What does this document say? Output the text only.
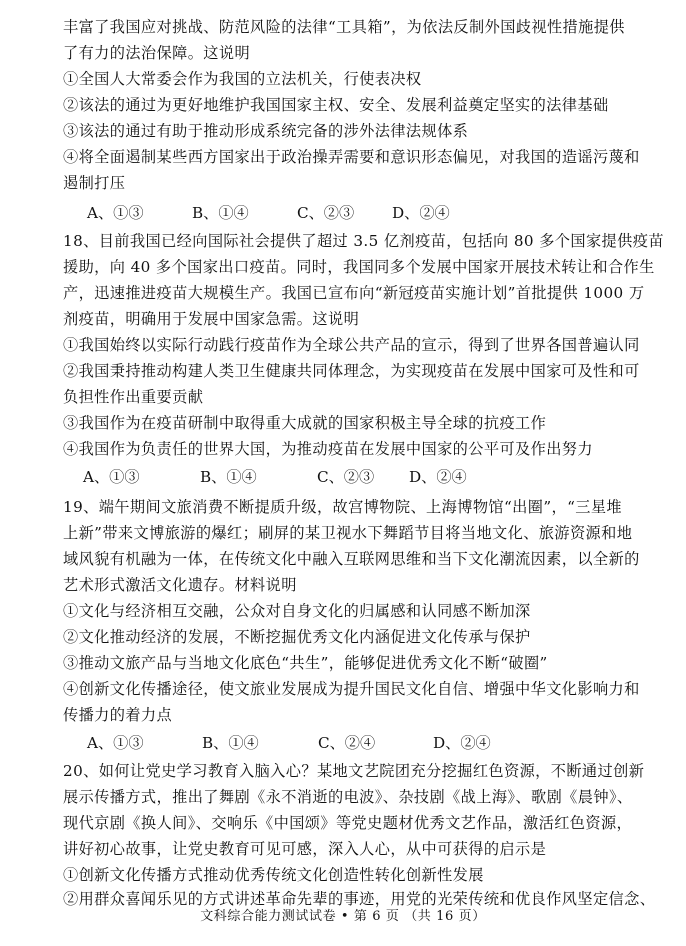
丰富了我国应对挑战、防范风险的法律“工具箱”，为依法反制外国歧视性措施提供
了有力的法治保障。这说明
①全国人大常委会作为我国的立法机关，行使表决权
②该法的通过为更好地维护我国国家主权、安全、发展利益奠定坚实的法律基础
③该法的通过有助于推动形成系统完备的涉外法律法规体系
④将全面遏制某些西方国家出于政治操弄需要和意识形态偏见，对我国的造谣污蔑和
遏制打压
A、①③	B、①④	C、②③ D、②④
18、目前我国已经向国际社会提供了超过 3.5 亿剂疫苗，包括向 80 多个国家提供疫苗
援助，向 40 多个国家出口疫苗。同时，我国同多个发展中国家开展技术转让和合作生
产，迅速推进疫苗大规模生产。我国已宣布向“新冠疫苗实施计划”首批提供 1000 万
剂疫苗，明确用于发展中国家急需。这说明
①我国始终以实际行动践行疫苗作为全球公共产品的宣示，得到了世界各国普遍认同
②我国秉持推动构建人类卫生健康共同体理念，为实现疫苗在发展中国家可及性和可
负担性作出重要贡献
③我国作为在疫苗研制中取得重大成就的国家积极主导全球的抗疫工作
④我国作为负责任的世界大国，为推动疫苗在发展中国家的公平可及作出努力
A、①③	B、①④	C、②③ D、②④
19、端午期间文旅消费不断提质升级，故宫博物院、上海博物馆“出圈”，“三星堆
上新”带来文博旅游的爆红；刷屏的某卫视水下舞蹈节目将当地文化、旅游资源和地
域风貌有机融为一体，在传统文化中融入互联网思维和当下文化潮流因素，以全新的
艺术形式激活文化遗存。材料说明
①文化与经济相互交融，公众对自身文化的归属感和认同感不断加深
②文化推动经济的发展，不断挖掘优秀文化内涵促进文化传承与保护
③推动文旅产品与当地文化底色“共生”，能够促进优秀文化不断“破圈”
④创新文化传播途径，使文旅业发展成为提升国民文化自信、增强中华文化影响力和
传播力的着力点
A、①③	B、①④	C、②④	D、②④
20、如何让党史学习教育入脑入心？某地文艺院团充分挖掘红色资源，不断通过创新
展示传播方式，推出了舞剧《永不消逝的电波》、杂技剧《战上海》、歌剧《晨钟》、
现代京剧《换人间》、交响乐《中国颂》等党史题材优秀文艺作品，激活红色资源，
讲好初心故事，让党史教育可见可感，深入人心，从中可获得的启示是
①创新文化传播方式推动优秀传统文化创造性转化创新性发展
②用群众喜闻乐见的方式讲述革命先辈的事迹，用党的光荣传统和优良作风坚定信念、
文科综合能力测试试卷 • 第 6 页 （共 16 页）
